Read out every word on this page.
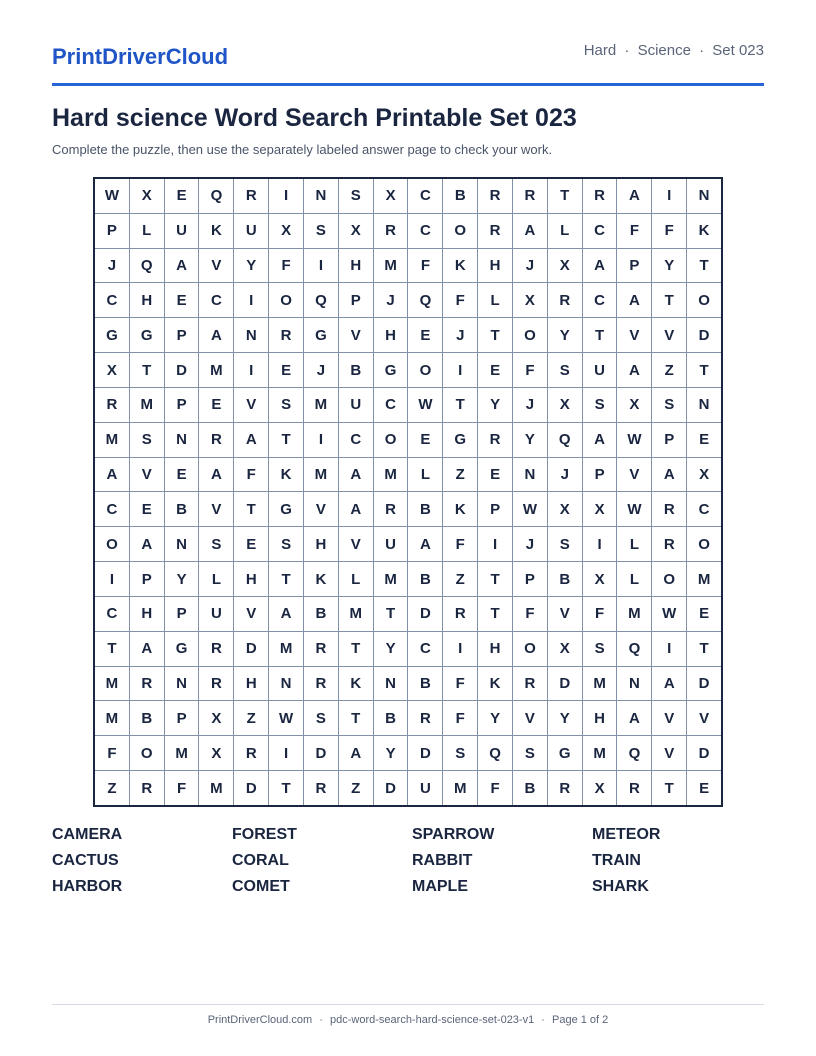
PrintDriverCloud	Hard · Science · Set 023
Hard science Word Search Printable Set 023
Complete the puzzle, then use the separately labeled answer page to check your work.
W	X	E	Q	R	I	N	S	X	C	B	R	R	T	R	A	I	N
P	L	U	K	U	X	S	X	R	C	O	R	A	L	C	F	F	K
J	Q	A	V	Y	F	I	H	M	F	K	H	J	X	A	P	Y	T
C	H	E	C	I	O	Q	P	J	Q	F	L	X	R	C	A	T	O
G	G	P	A	N	R	G	V	H	E	J	T	O	Y	T	V	V	D
X	T	D	M	I	E	J	B	G	O	I	E	F	S	U	A	Z	T
R	M	P	E	V	S	M	U	C	W	T	Y	J	X	S	X	S	N
M	S	N	R	A	T	I	C	O	E	G	R	Y	Q	A	W	P	E
A	V	E	A	F	K	M	A	M	L	Z	E	N	J	P	V	A	X
C	E	B	V	T	G	V	A	R	B	K	P	W	X	X	W	R	C
O	A	N	S	E	S	H	V	U	A	F	I	J	S	I	L	R	O
I	P	Y	L	H	T	K	L	M	B	Z	T	P	B	X	L	O	M
C	H	P	U	V	A	B	M	T	D	R	T	F	V	F	M	W	E
T	A	G	R	D	M	R	T	Y	C	I	H	O	X	S	Q	I	T
M	R	N	R	H	N	R	K	N	B	F	K	R	D	M	N	A	D
M	B	P	X	Z	W	S	T	B	R	F	Y	V	Y	H	A	V	V
F	O	M	X	R	I	D	A	Y	D	S	Q	S	G	M	Q	V	D
Z	R	F	M	D	T	R	Z	D	U	M	F	B	R	X	R	T	E
CAMERA	FOREST	SPARROW	METEOR
CACTUS	CORAL	RABBIT	TRAIN
HARBOR	COMET	MAPLE	SHARK
PrintDriverCloud.com · pdc-word-search-hard-science-set-023-v1 · Page 1 of 2
